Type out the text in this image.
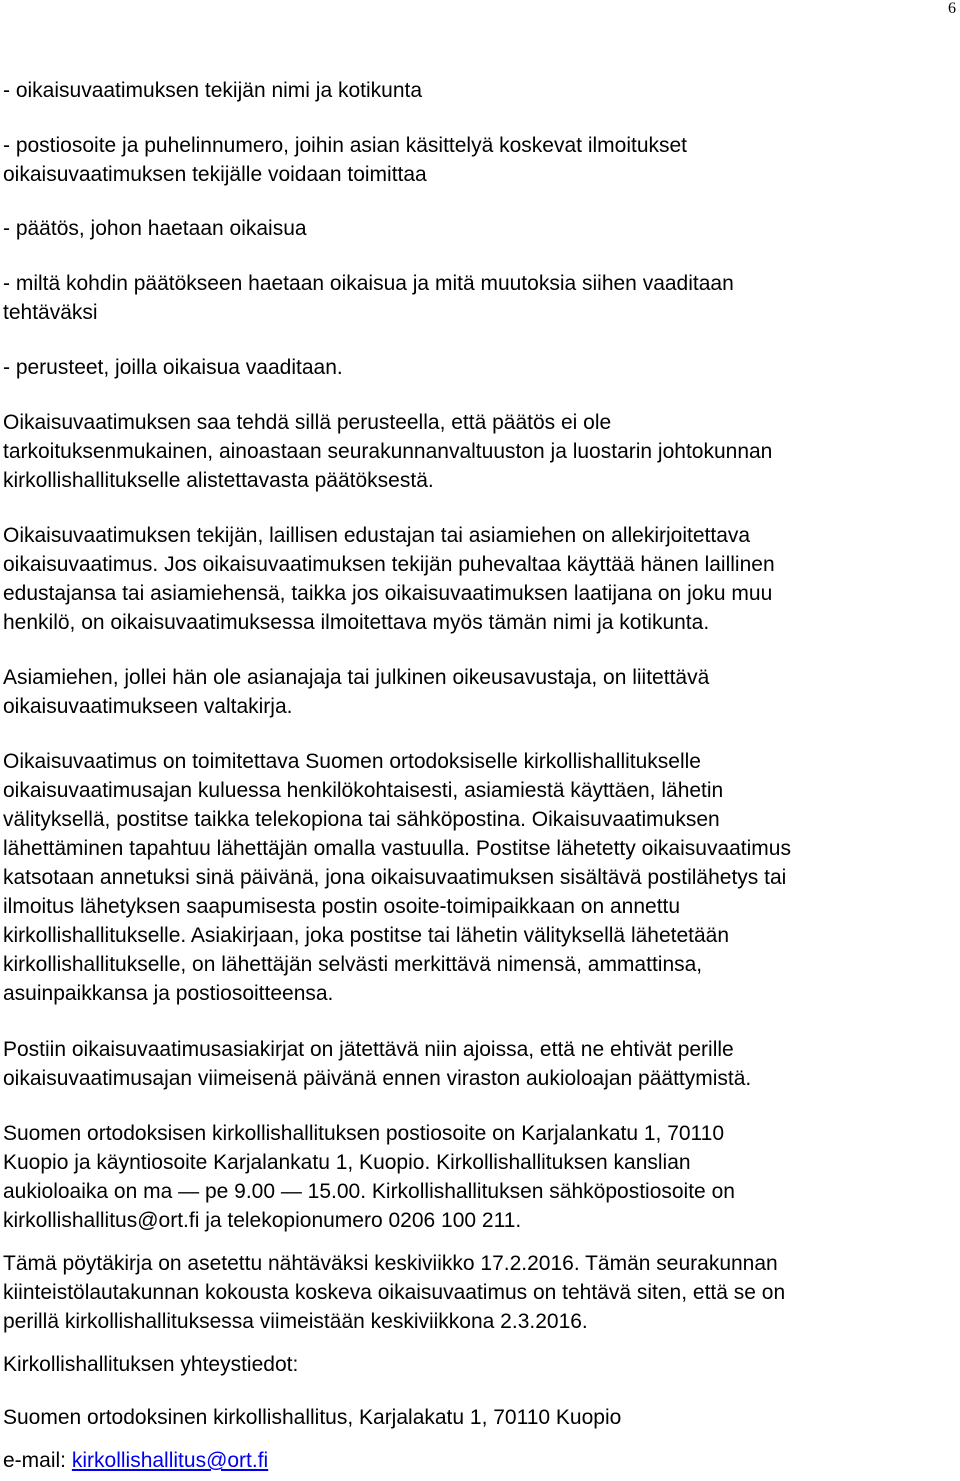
6
- oikaisuvaatimuksen tekijän nimi ja kotikunta
- postiosoite ja puhelinnumero, joihin asian käsittelyä koskevat ilmoitukset
oikaisuvaatimuksen tekijälle voidaan toimittaa
- päätös, johon haetaan oikaisua
- miltä kohdin päätökseen haetaan oikaisua ja mitä muutoksia siihen vaaditaan
tehtäväksi
- perusteet, joilla oikaisua vaaditaan.
Oikaisuvaatimuksen saa tehdä sillä perusteella, että päätös ei ole
tarkoituksenmukainen, ainoastaan seurakunnanvaltuuston ja luostarin johtokunnan
kirkollishallitukselle alistettavasta päätöksestä.
Oikaisuvaatimuksen tekijän, laillisen edustajan tai asiamiehen on allekirjoitettava
oikaisuvaatimus. Jos oikaisuvaatimuksen tekijän puhevaltaa käyttää hänen laillinen
edustajansa tai asiamiehensä, taikka jos oikaisuvaatimuksen laatijana on joku muu
henkilö, on oikaisuvaatimuksessa ilmoitettava myös tämän nimi ja kotikunta.
Asiamiehen, jollei hän ole asianajaja tai julkinen oikeusavustaja, on liitettävä
oikaisuvaatimukseen valtakirja.
Oikaisuvaatimus on toimitettava Suomen ortodoksiselle kirkollishallitukselle
oikaisuvaatimusajan kuluessa henkilökohtaisesti, asiamiestä käyttäen, lähetin
välityksellä, postitse taikka telekopiona tai sähköpostina. Oikaisuvaatimuksen
lähettäminen tapahtuu lähettäjän omalla vastuulla. Postitse lähetetty oikaisuvaatimus
katsotaan annetuksi sinä päivänä, jona oikaisuvaatimuksen sisältävä postilähetys tai
ilmoitus lähetyksen saapumisesta postin osoite-toimipaikkaan on annettu
kirkollishallitukselle. Asiakirjaan, joka postitse tai lähetin välityksellä lähetetään
kirkollishallitukselle, on lähettäjän selvästi merkittävä nimensä, ammattinsa,
asuinpaikkansa ja postiosoitteensa.
Postiin oikaisuvaatimusasiakirjat on jätettävä niin ajoissa, että ne ehtivät perille
oikaisuvaatimusajan viimeisenä päivänä ennen viraston aukioloajan päättymistä.
Suomen ortodoksisen kirkollishallituksen postiosoite on Karjalankatu 1, 70110
Kuopio ja käyntiosoite Karjalankatu 1, Kuopio. Kirkollishallituksen kanslian
aukioloaika on ma — pe 9.00 — 15.00. Kirkollishallituksen sähköpostiosoite on
kirkollishallitus@ort.fi ja telekopionumero 0206 100 211.
Tämä pöytäkirja on asetettu nähtäväksi keskiviikko 17.2.2016. Tämän seurakunnan
kiinteistölautakunnan kokousta koskeva oikaisuvaatimus on tehtävä siten, että se on
perillä kirkollishallituksessa viimeistään keskiviikkona 2.3.2016.
Kirkollishallituksen yhteystiedot:
Suomen ortodoksinen kirkollishallitus, Karjalakatu 1, 70110 Kuopio
e-mail: kirkollishallitus@ort.fi
